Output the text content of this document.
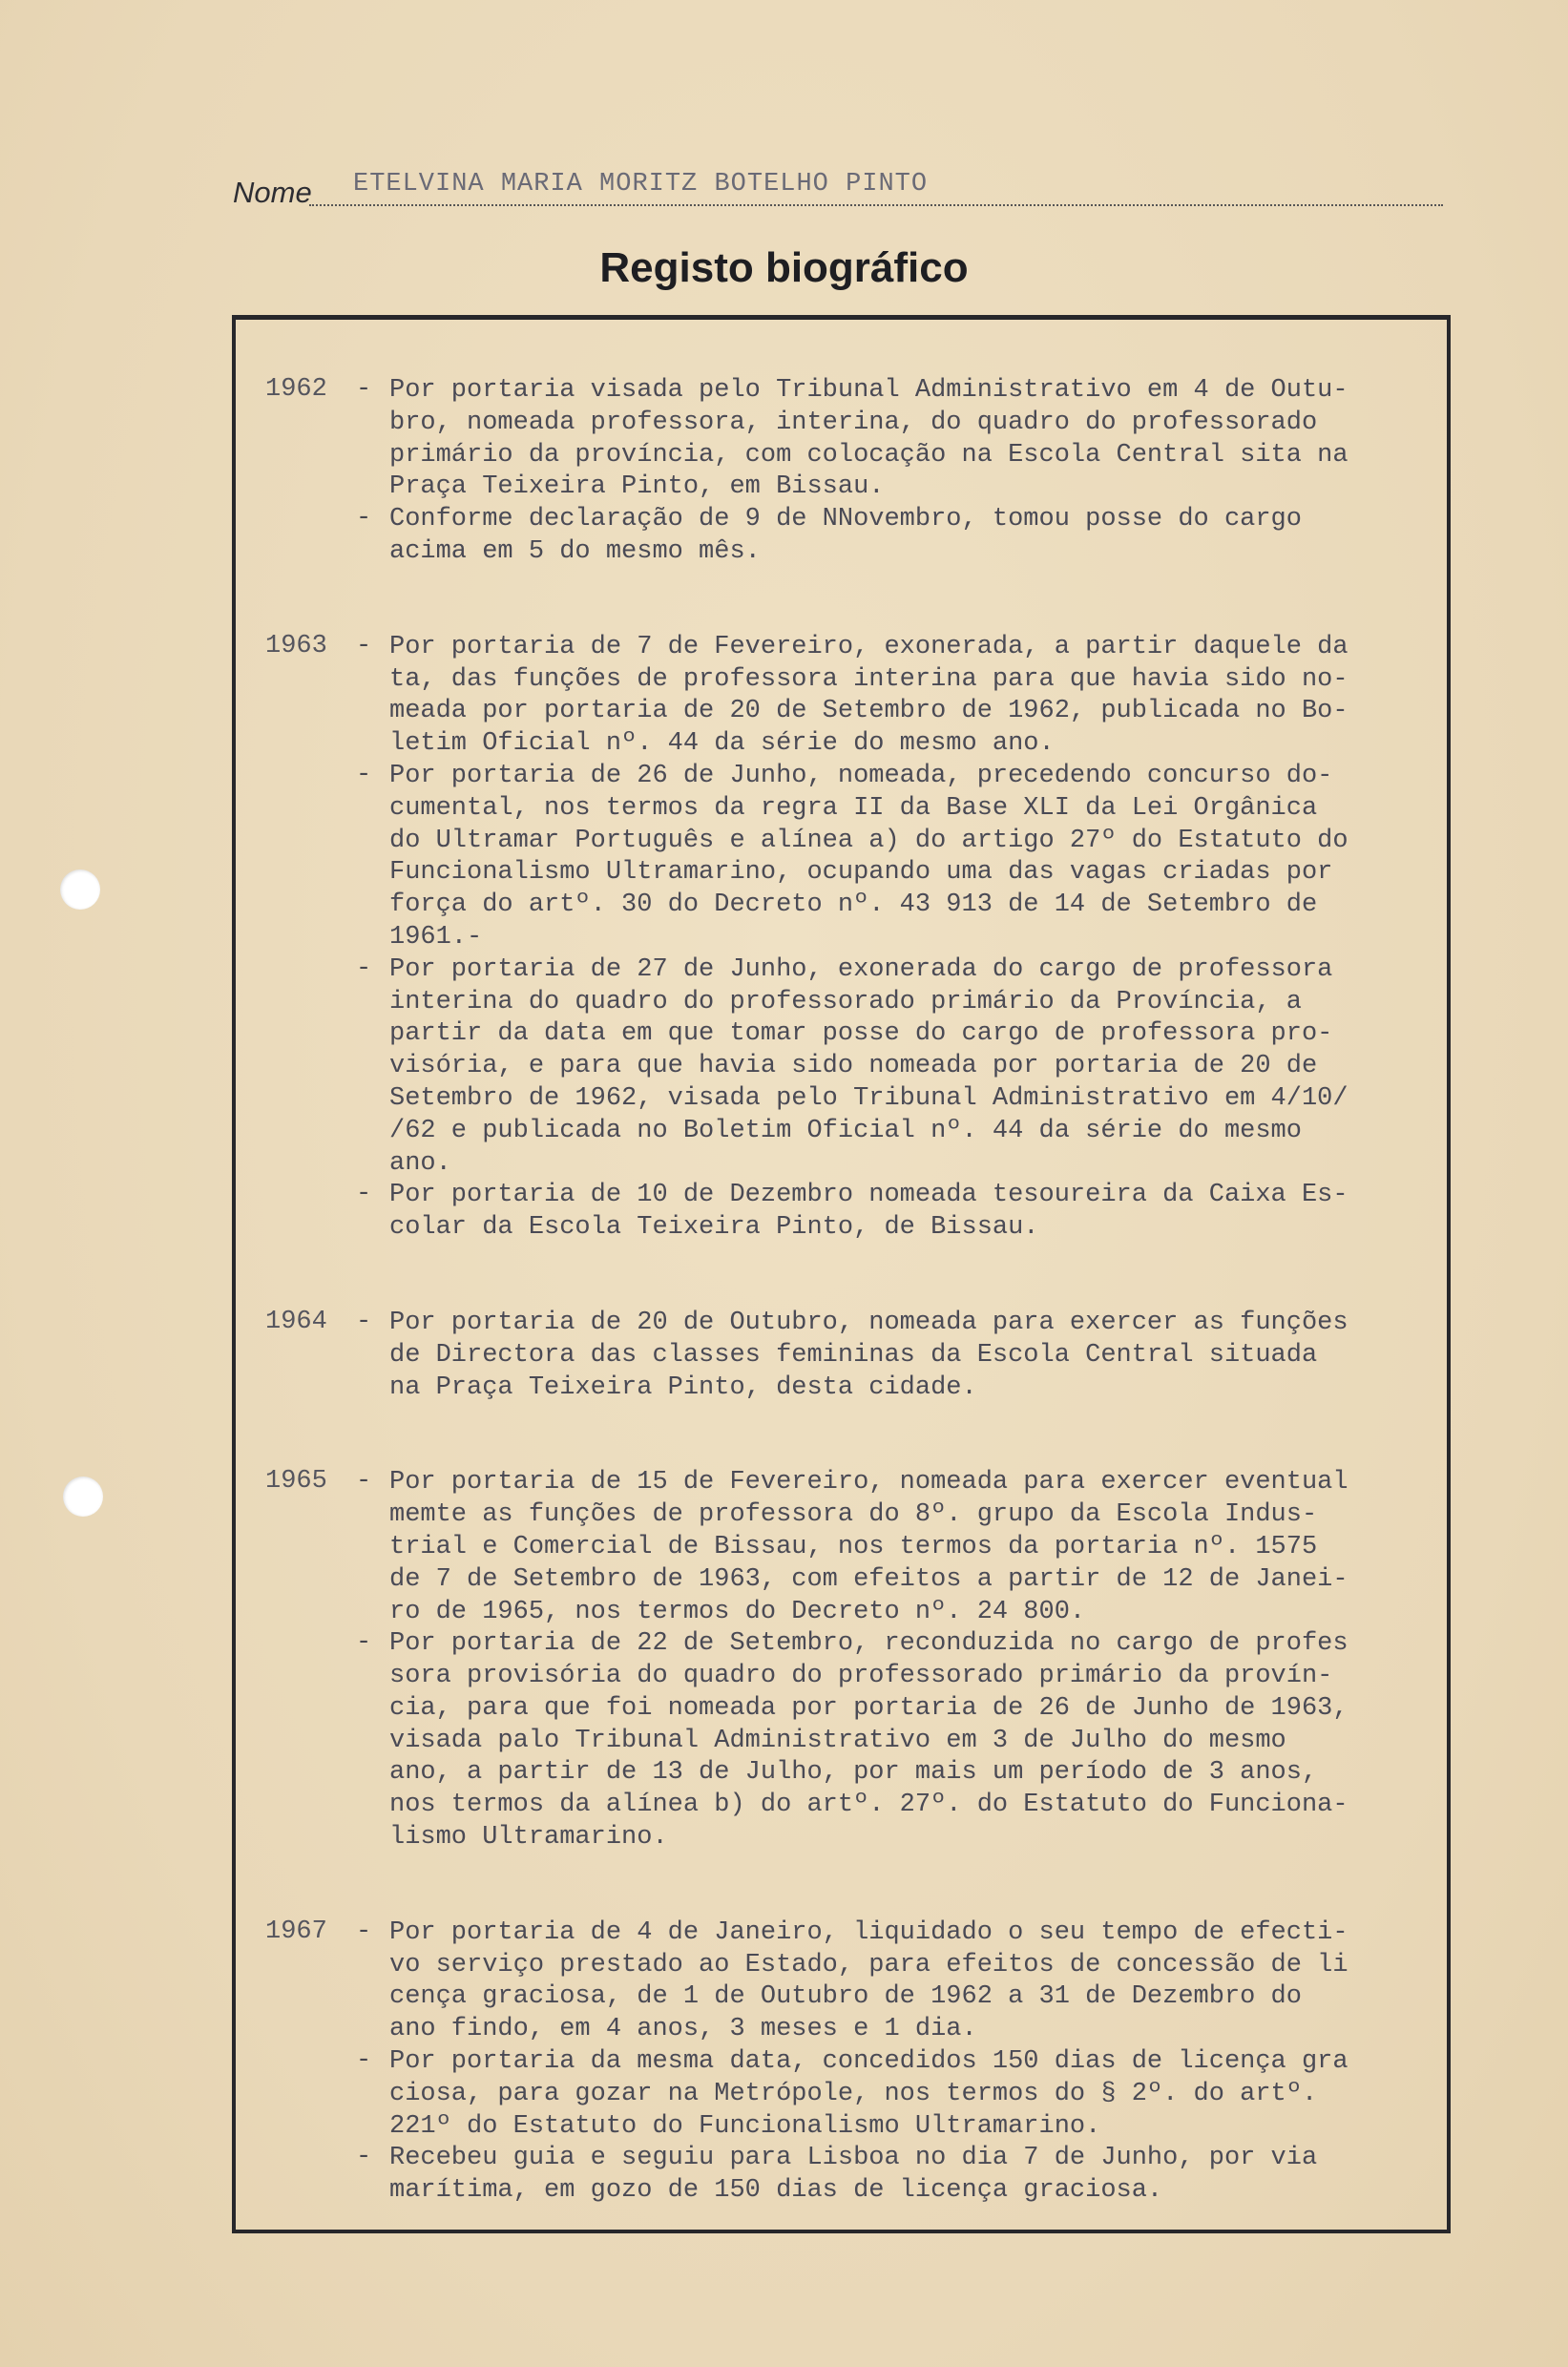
Nome ETELVINA MARIA MORITZ BOTELHO PINTO
Registo biográfico
1962 - Por portaria visada pelo Tribunal Administrativo em 4 de Outu-
bro, nomeada professora, interina, do quadro do professorado
primário da província, com colocação na Escola Central sita na
Praça Teixeira Pinto, em Bissau.
- Conforme declaração de 9 de NNovembro, tomou posse do cargo
acima em 5 do mesmo mês.
1963 - Por portaria de 7 de Fevereiro, exonerada, a partir daquele da
ta, das funções de professora interina para que havia sido no-
meada por portaria de 20 de Setembro de 1962, publicada no Bo-
letim Oficial nº. 44 da série do mesmo ano.
- Por portaria de 26 de Junho, nomeada, precedendo concurso do-
cumental, nos termos da regra II da Base XLI da Lei Orgânica
do Ultramar Português e alínea a) do artigo 27º do Estatuto do
Funcionalismo Ultramarino, ocupando uma das vagas criadas por
força do artº. 30 do Decreto nº. 43 913 de 14 de Setembro de
1961.-
- Por portaria de 27 de Junho, exonerada do cargo de professora
interina do quadro do professorado primário da Província, a
partir da data em que tomar posse do cargo de professora pro-
visória, e para que havia sido nomeada por portaria de 20 de
Setembro de 1962, visada pelo Tribunal Administrativo em 4/10/
/62 e publicada no Boletim Oficial nº. 44 da série do mesmo
ano.
- Por portaria de 10 de Dezembro nomeada tesoureira da Caixa Es-
colar da Escola Teixeira Pinto, de Bissau.
1964 - Por portaria de 20 de Outubro, nomeada para exercer as funções
de Directora das classes femininas da Escola Central situada
na Praça Teixeira Pinto, desta cidade.
1965 - Por portaria de 15 de Fevereiro, nomeada para exercer eventual
memte as funções de professora do 8º. grupo da Escola Indus-
trial e Comercial de Bissau, nos termos da portaria nº. 1575
de 7 de Setembro de 1963, com efeitos a partir de 12 de Janei-
ro de 1965, nos termos do Decreto nº. 24 800.
- Por portaria de 22 de Setembro, reconduzida no cargo de profes
sora provisória do quadro do professorado primário da provín-
cia, para que foi nomeada por portaria de 26 de Junho de 1963,
visada palo Tribunal Administrativo em 3 de Julho do mesmo
ano, a partir de 13 de Julho, por mais um período de 3 anos,
nos termos da alínea b) do artº. 27º. do Estatuto do Funciona-
lismo Ultramarino.
1967 - Por portaria de 4 de Janeiro, liquidado o seu tempo de efecti-
vo serviço prestado ao Estado, para efeitos de concessão de li
cença graciosa, de 1 de Outubro de 1962 a 31 de Dezembro do
ano findo, em 4 anos, 3 meses e 1 dia.
- Por portaria da mesma data, concedidos 150 dias de licença gra
ciosa, para gozar na Metrópole, nos termos do § 2º. do artº.
221º do Estatuto do Funcionalismo Ultramarino.
- Recebeu guia e seguiu para Lisboa no dia 7 de Junho, por via
marítima, em gozo de 150 dias de licença graciosa.
